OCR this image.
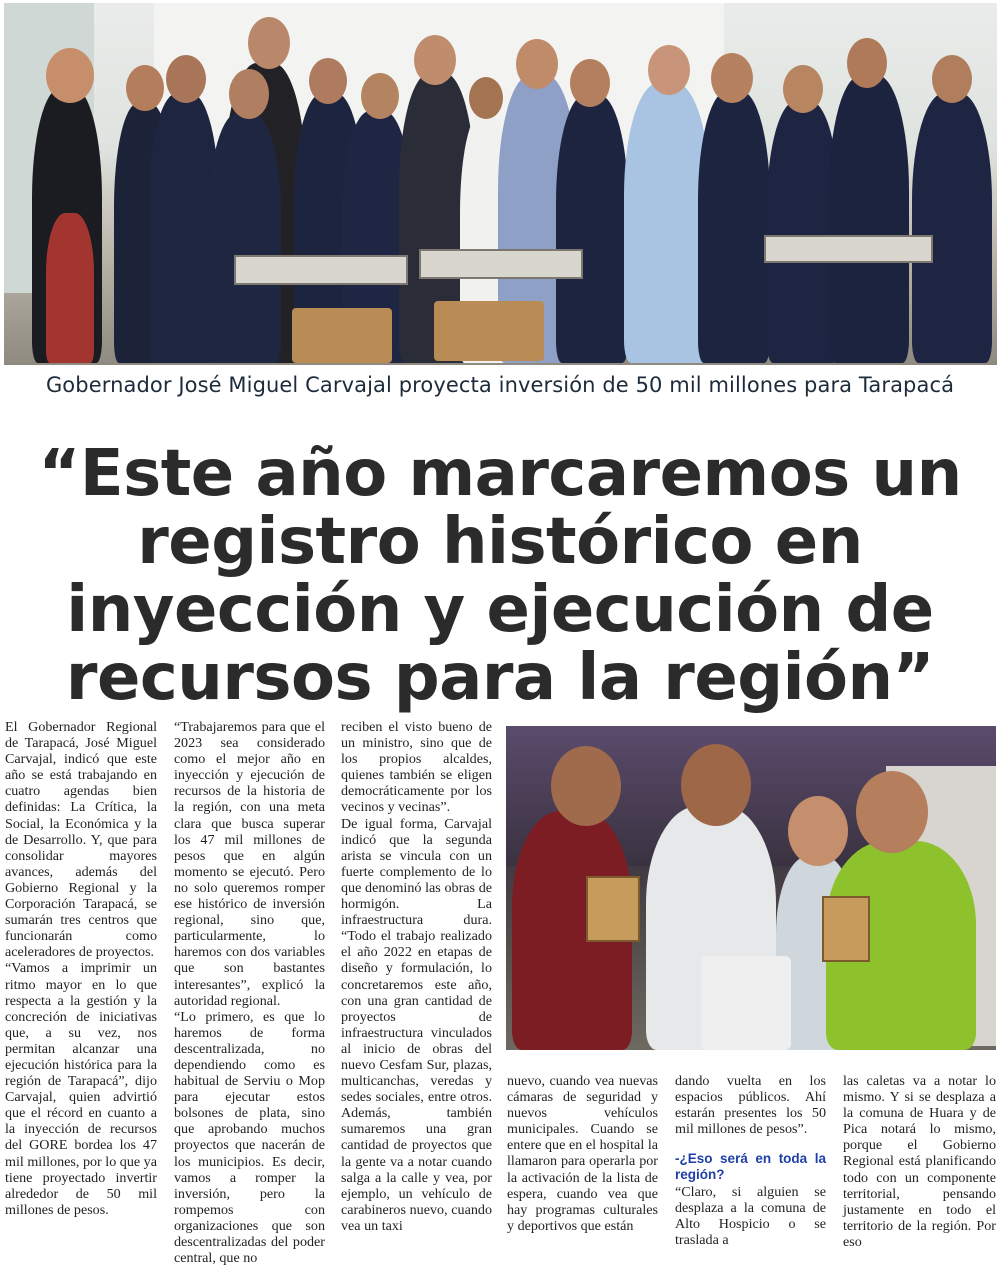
Gobernador José Miguel Carvajal proyecta inversión de 50 mil millones para Tarapacá
“Este año marcaremos un registro histórico en inyección y ejecución de recursos para la región”

El Gobernador Regional de Tarapacá, José Miguel Carvajal, indicó que este año se está trabajando en cuatro agendas bien definidas: La Crítica, la Social, la Económica y la de Desarrollo. Y, que para consolidar mayores avances, además del Gobierno Regional y la Corporación Tarapacá, se sumarán tres centros que funcionarán como aceleradores de proyectos.

“Vamos a imprimir un ritmo mayor en lo que respecta a la gestión y la concreción de iniciativas que, a su vez, nos permitan alcanzar una ejecución histórica para la región de Tarapacá”, dijo Carvajal, quien advirtió que el récord en cuanto a la inyección de recursos del GORE bordea los 47 mil millones, por lo que ya tiene proyectado invertir alrededor de 50 mil millones de pesos.

“Trabajaremos para que el 2023 sea considerado como el mejor año en inyección y ejecución de recursos de la historia de la región, con una meta clara que busca superar los 47 mil millones de pesos que en algún momento se ejecutó. Pero no solo queremos romper ese histórico de inversión regional, sino que, particularmente, lo haremos con dos variables que son bastantes interesantes”, explicó la autoridad regional.

“Lo primero, es que lo haremos de forma descentralizada, no dependiendo como es habitual de Serviu o Mop para ejecutar estos bolsones de plata, sino que aprobando muchos proyectos que nacerán de los municipios. Es decir, vamos a romper la inversión, pero la rompemos con organizaciones que son descentralizadas del poder central, que no

reciben el visto bueno de un ministro, sino que de los propios alcaldes, quienes también se eligen democráticamente por los vecinos y vecinas”.

De igual forma, Carvajal indicó que la segunda arista se vincula con un fuerte complemento de lo que denominó las obras de hormigón. La infraestructura dura. “Todo el trabajo realizado el año 2022 en etapas de diseño y formulación, lo concretaremos este año, con una gran cantidad de proyectos de infraestructura vinculados al inicio de obras del nuevo Cesfam Sur, plazas, multicanchas, veredas y sedes sociales, entre otros. Además, también sumaremos una gran cantidad de proyectos que la gente va a notar cuando salga a la calle y vea, por ejemplo, un vehículo de carabineros nuevo, cuando vea un taxi

nuevo, cuando vea nuevas cámaras de seguridad y nuevos vehículos municipales. Cuando se entere que en el hospital la llamaron para operarla por la activación de la lista de espera, cuando vea que hay programas culturales y deportivos que están

dando vuelta en los espacios públicos. Ahí estarán presentes los 50 mil millones de pesos”.

-¿Eso será en toda la región?

“Claro, si alguien se desplaza a la comuna de Alto Hospicio o se traslada a

las caletas va a notar lo mismo. Y si se desplaza a la comuna de Huara y de Pica notará lo mismo, porque el Gobierno Regional está planificando todo con un componente territorial, pensando justamente en todo el territorio de la región. Por eso
